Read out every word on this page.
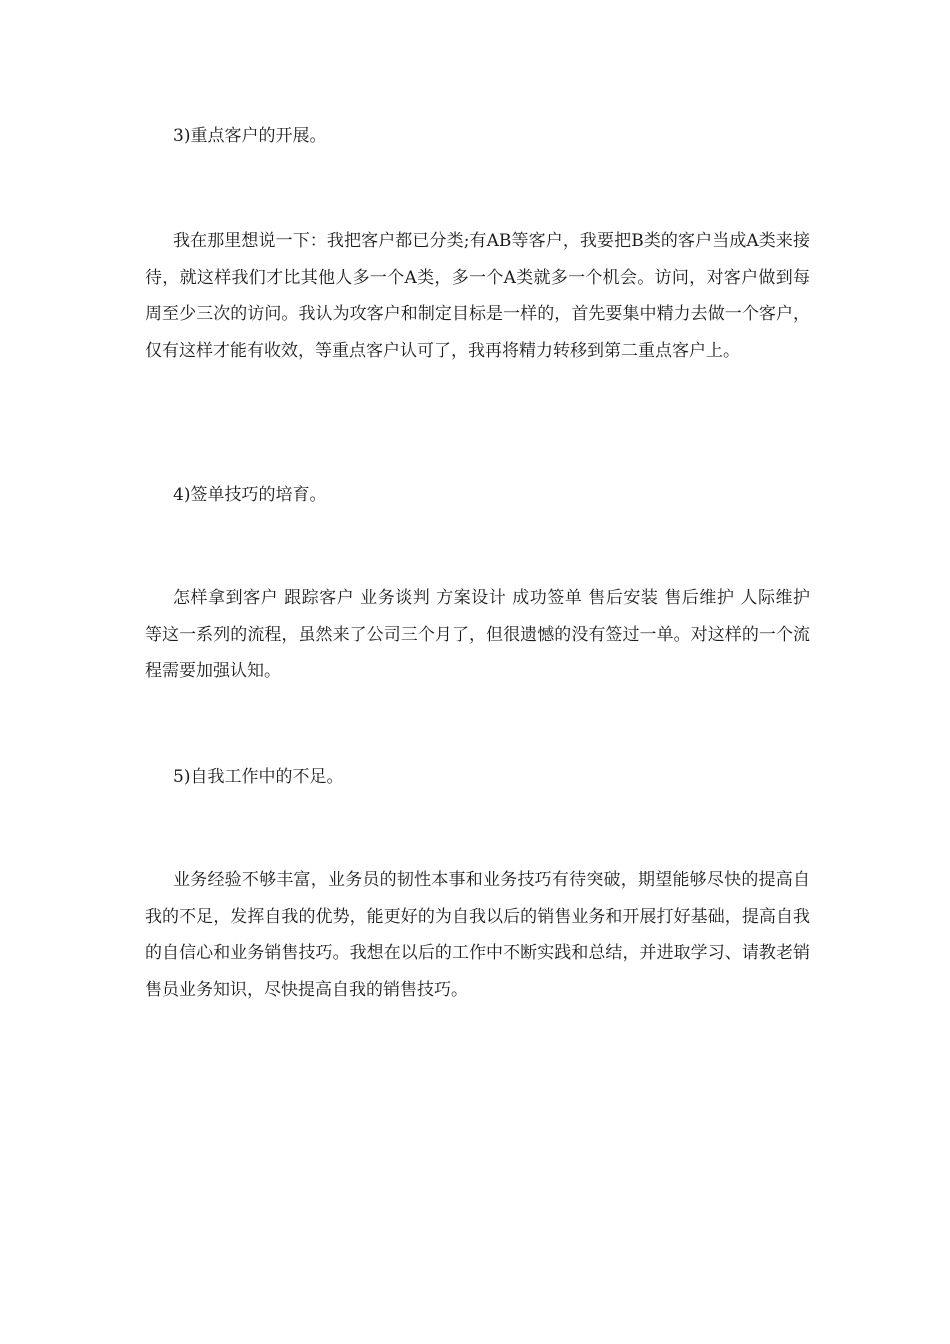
3)重点客户的开展。
我在那里想说一下：我把客户都已分类;有AB等客户，我要把B类的客户当成A类来接待，就这样我们才比其他人多一个A类，多一个A类就多一个机会。访问，对客户做到每周至少三次的访问。我认为攻客户和制定目标是一样的，首先要集中精力去做一个客户，仅有这样才能有收效，等重点客户认可了，我再将精力转移到第二重点客户上。
4)签单技巧的培育。
怎样拿到客户 跟踪客户 业务谈判 方案设计 成功签单 售后安装 售后维护 人际维护 等这一系列的流程，虽然来了公司三个月了，但很遗憾的没有签过一单。对这样的一个流程需要加强认知。
5)自我工作中的不足。
业务经验不够丰富，业务员的韧性本事和业务技巧有待突破，期望能够尽快的提高自我的不足，发挥自我的优势，能更好的为自我以后的销售业务和开展打好基础，提高自我的自信心和业务销售技巧。我想在以后的工作中不断实践和总结，并进取学习、请教老销售员业务知识，尽快提高自我的销售技巧。
